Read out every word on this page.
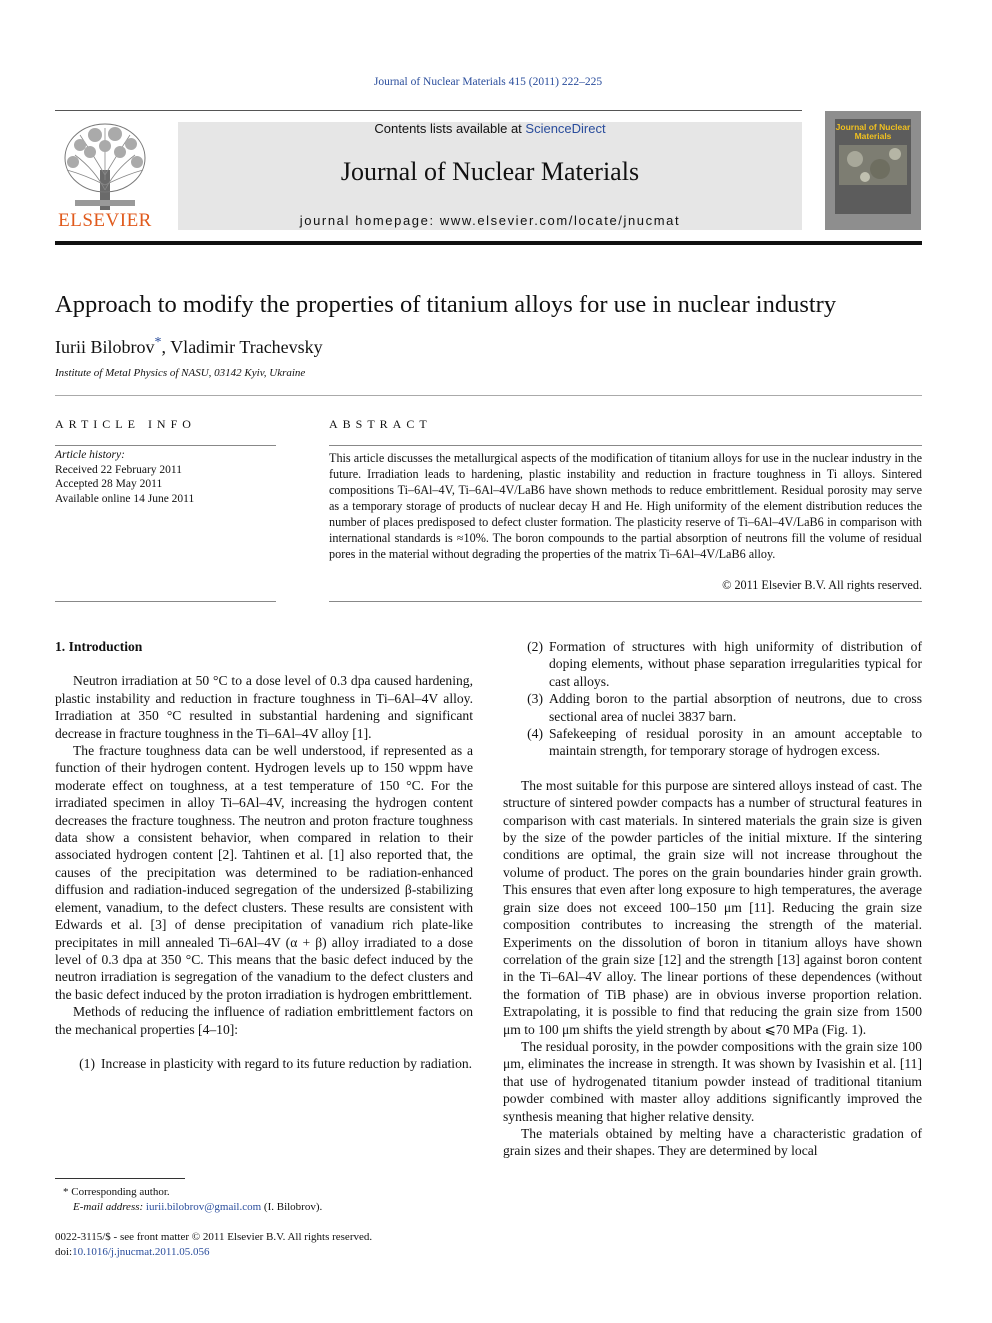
Journal of Nuclear Materials 415 (2011) 222–225
ELSEVIER
Contents lists available at ScienceDirect
Journal of Nuclear Materials
journal homepage: www.elsevier.com/locate/jnucmat
Journal of Nuclear Materials
Approach to modify the properties of titanium alloys for use in nuclear industry
Iurii Bilobrov*, Vladimir Trachevsky
Institute of Metal Physics of NASU, 03142 Kyiv, Ukraine
ARTICLE INFO
Article history:
Received 22 February 2011
Accepted 28 May 2011
Available online 14 June 2011
ABSTRACT
This article discusses the metallurgical aspects of the modification of titanium alloys for use in the nuclear industry in the future. Irradiation leads to hardening, plastic instability and reduction in fracture toughness in Ti alloys. Sintered compositions Ti–6Al–4V, Ti–6Al–4V/LaB6 have shown methods to reduce embrittlement. Residual porosity may serve as a temporary storage of products of nuclear decay H and He. High uniformity of the element distribution reduces the number of places predisposed to defect cluster formation. The plasticity reserve of Ti–6Al–4V/LaB6 in comparison with international standards is ≈10%. The boron compounds to the partial absorption of neutrons fill the volume of residual pores in the material without degrading the properties of the matrix Ti–6Al–4V/LaB6 alloy.
© 2011 Elsevier B.V. All rights reserved.
1. Introduction

Neutron irradiation at 50 °C to a dose level of 0.3 dpa caused hardening, plastic instability and reduction in fracture toughness in Ti–6Al–4V alloy. Irradiation at 350 °C resulted in substantial hardening and significant decrease in fracture toughness in the Ti–6Al–4V alloy [1].

The fracture toughness data can be well understood, if represented as a function of their hydrogen content. Hydrogen levels up to 150 wppm have moderate effect on toughness, at a test temperature of 150 °C. For the irradiated specimen in alloy Ti–6Al–4V, increasing the hydrogen content decreases the fracture toughness. The neutron and proton fracture toughness data show a consistent behavior, when compared in relation to their associated hydrogen content [2]. Tahtinen et al. [1] also reported that, the causes of the precipitation was determined to be radiation-enhanced diffusion and radiation-induced segregation of the undersized β-stabilizing element, vanadium, to the defect clusters. These results are consistent with Edwards et al. [3] of dense precipitation of vanadium rich plate-like precipitates in mill annealed Ti–6Al–4V (α + β) alloy irradiated to a dose level of 0.3 dpa at 350 °C. This means that the basic defect induced by the neutron irradiation is segregation of the vanadium to the defect clusters and the basic defect induced by the proton irradiation is hydrogen embrittlement.

Methods of reducing the influence of radiation embrittlement factors on the mechanical properties [4–10]:

(1) Increase in plasticity with regard to its future reduction by radiation.
(2) Formation of structures with high uniformity of distribution of doping elements, without phase separation irregularities typical for cast alloys.
(3) Adding boron to the partial absorption of neutrons, due to cross sectional area of nuclei 3837 barn.
(4) Safekeeping of residual porosity in an amount acceptable to maintain strength, for temporary storage of hydrogen excess.

The most suitable for this purpose are sintered alloys instead of cast. The structure of sintered powder compacts has a number of structural features in comparison with cast materials. In sintered materials the grain size is given by the size of the powder particles of the initial mixture. If the sintering conditions are optimal, the grain size will not increase throughout the volume of product. The pores on the grain boundaries hinder grain growth. This ensures that even after long exposure to high temperatures, the average grain size does not exceed 100–150 μm [11]. Reducing the grain size composition contributes to increasing the strength of the material. Experiments on the dissolution of boron in titanium alloys have shown correlation of the grain size [12] and the strength [13] against boron content in the Ti–6Al–4V alloy. The linear portions of these dependences (without the formation of TiB phase) are in obvious inverse proportion relation. Extrapolating, it is possible to find that reducing the grain size from 1500 μm to 100 μm shifts the yield strength by about ⩽70 MPa (Fig. 1).

The residual porosity, in the powder compositions with the grain size 100 μm, eliminates the increase in strength. It was shown by Ivasishin et al. [11] that use of hydrogenated titanium powder instead of traditional titanium powder combined with master alloy additions significantly improved the synthesis meaning that higher relative density.

The materials obtained by melting have a characteristic gradation of grain sizes and their shapes. They are determined by local

* Corresponding author.
E-mail address: iurii.bilobrov@gmail.com (I. Bilobrov).
0022-3115/$ - see front matter © 2011 Elsevier B.V. All rights reserved.
doi:10.1016/j.jnucmat.2011.05.056
